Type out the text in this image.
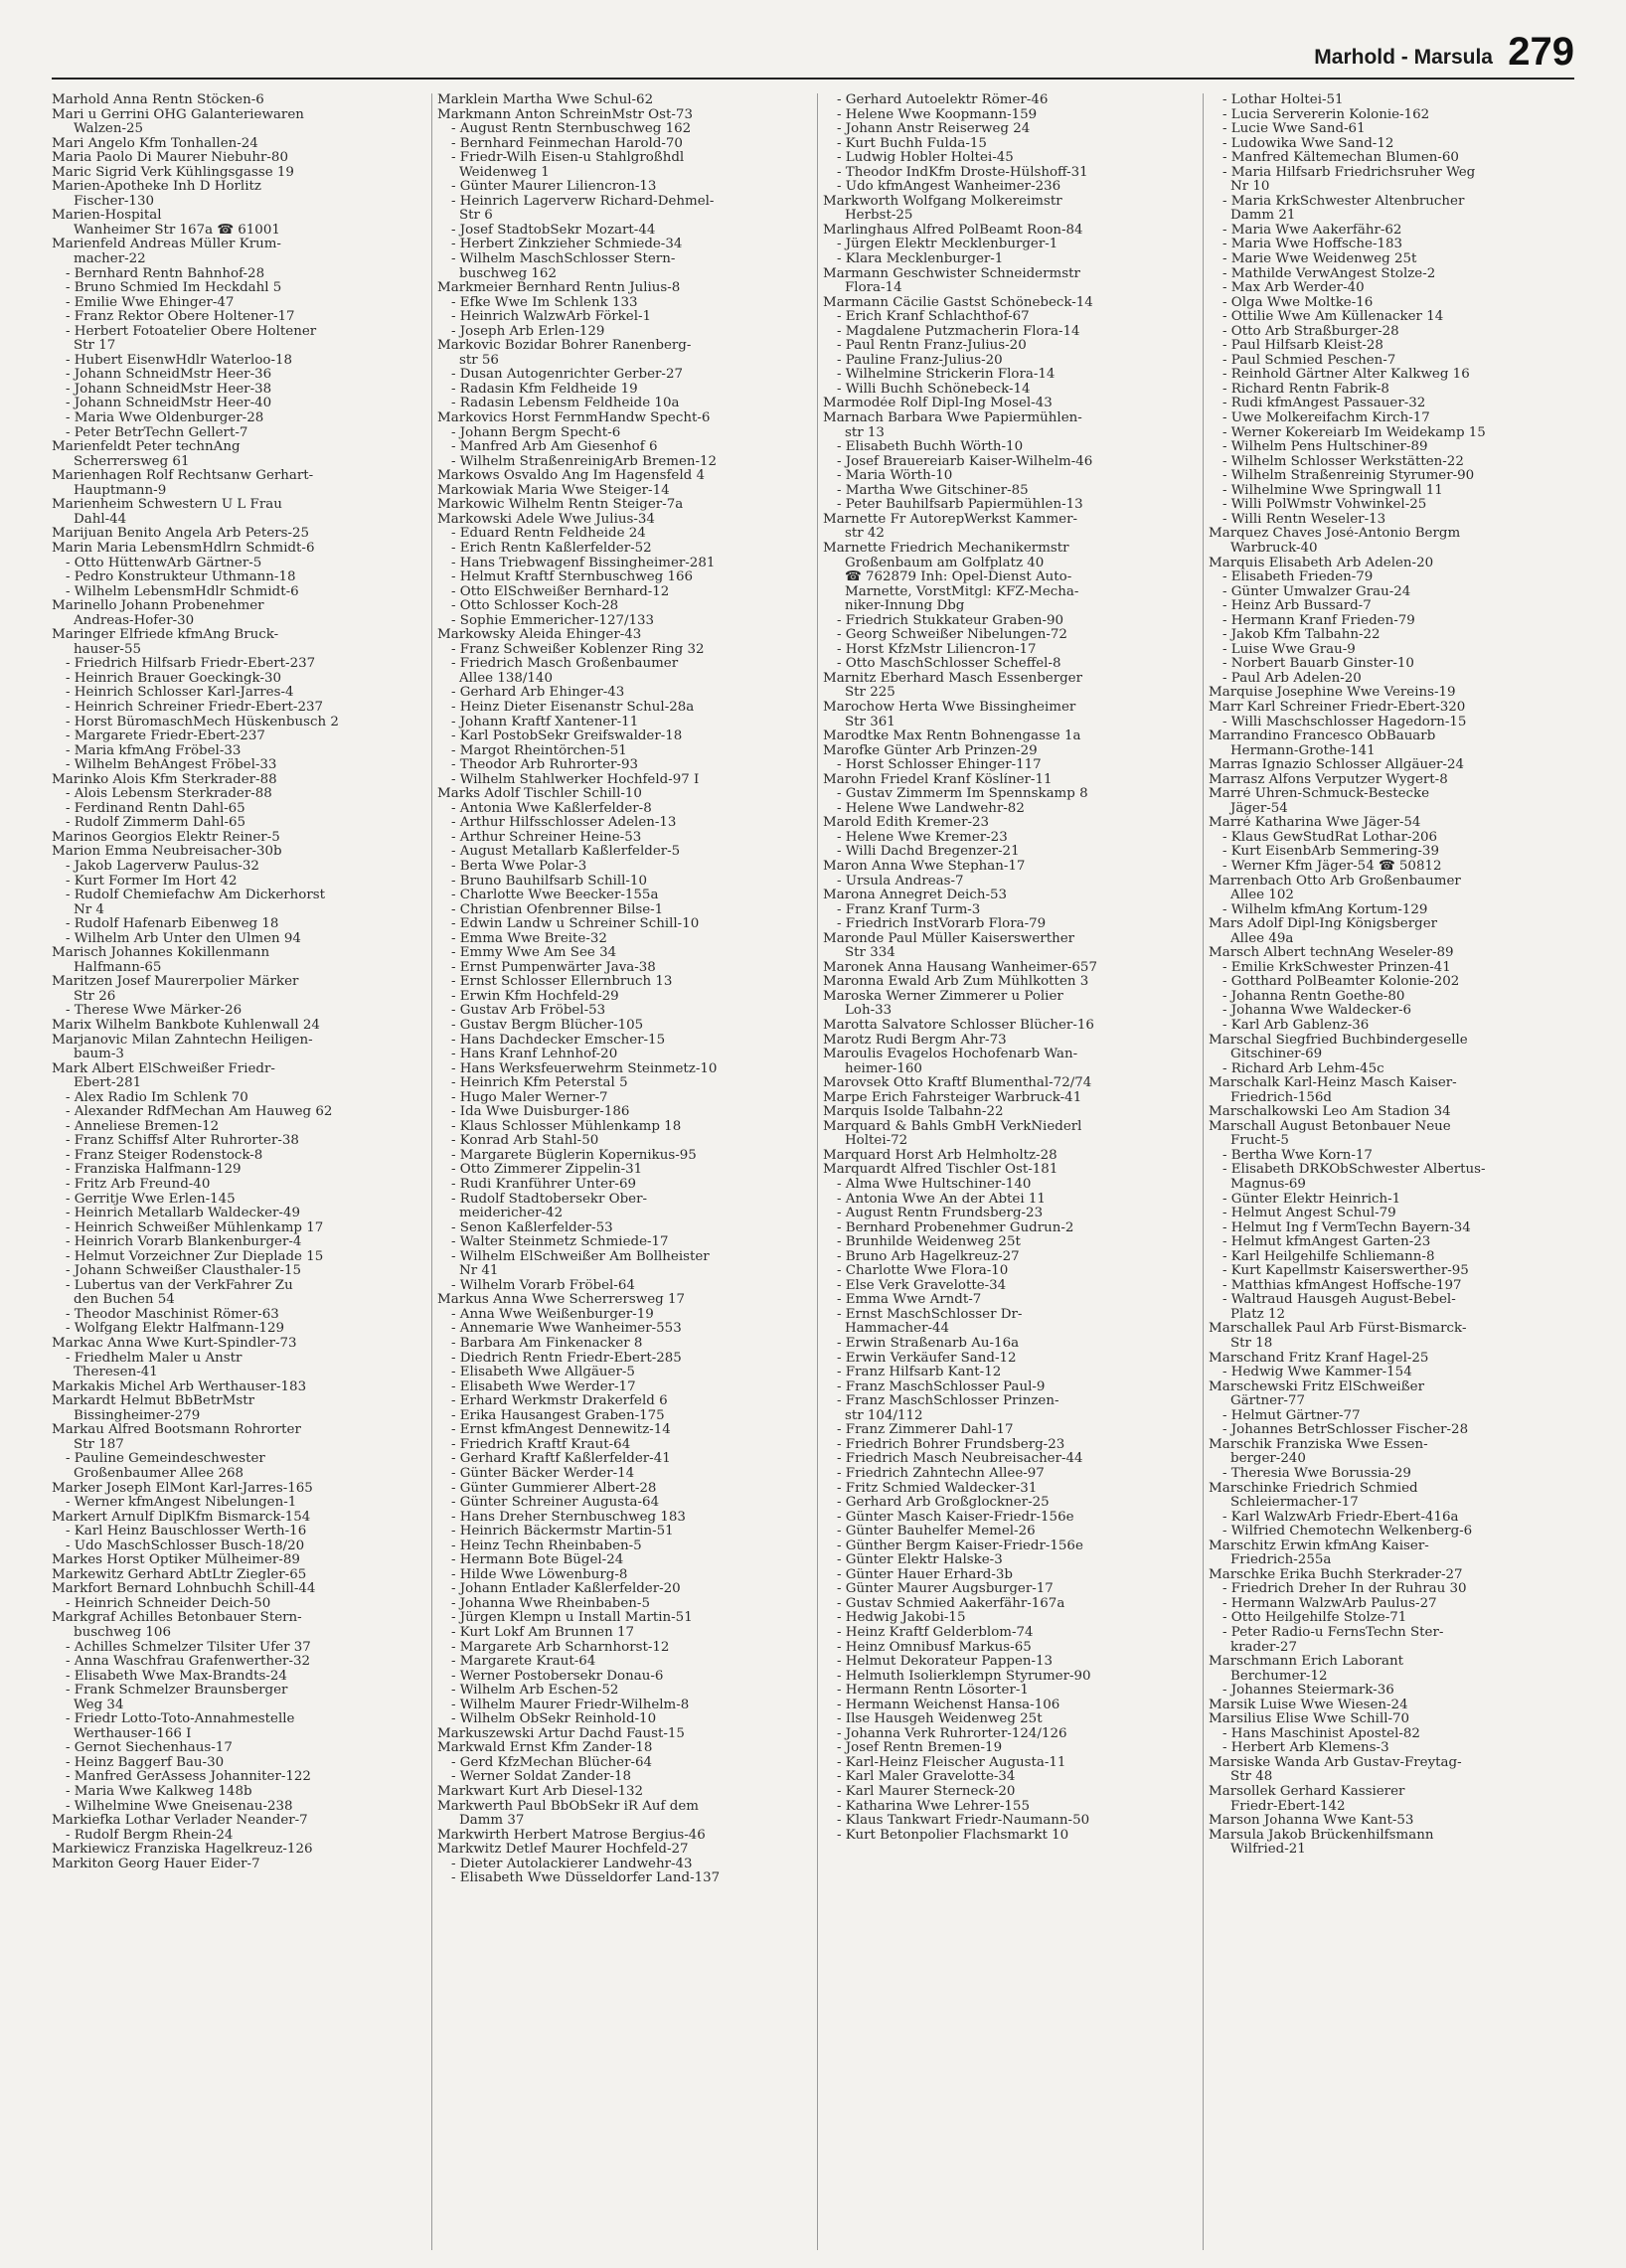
Marhold - Marsula 279
Marhold Anna Rentn Stöcken-6
Mari u Gerrini OHG Galanteriewaren
Walzen-25
Mari Angelo Kfm Tonhallen-24
Maria Paolo Di Maurer Niebuhr-80
Maric Sigrid Verk Kühlingsgasse 19
Marien-Apotheke Inh D Horlitz
Fischer-130
Marien-Hospital
Wanheimer Str 167a ☎ 61001
Marienfeld Andreas Müller Krum-
macher-22
- Bernhard Rentn Bahnhof-28
- Bruno Schmied Im Heckdahl 5
- Emilie Wwe Ehinger-47
- Franz Rektor Obere Holtener-17
- Herbert Fotoatelier Obere Holtener
Str 17
- Hubert EisenwHdlr Waterloo-18
- Johann SchneidMstr Heer-36
- Johann SchneidMstr Heer-38
- Johann SchneidMstr Heer-40
- Maria Wwe Oldenburger-28
- Peter BetrTechn Gellert-7
Marienfeldt Peter technAng
Scherrersweg 61
Marienhagen Rolf Rechtsanw Gerhart-
Hauptmann-9
Marienheim Schwestern U L Frau
Dahl-44
Marijuan Benito Angela Arb Peters-25
Marin Maria LebensmHdlrn Schmidt-6
- Otto HüttenwArb Gärtner-5
- Pedro Konstrukteur Uthmann-18
- Wilhelm LebensmHdlr Schmidt-6
Marinello Johann Probenehmer
Andreas-Hofer-30
Maringer Elfriede kfmAng Bruck-
hauser-55
- Friedrich Hilfsarb Friedr-Ebert-237
- Heinrich Brauer Goeckingk-30
- Heinrich Schlosser Karl-Jarres-4
- Heinrich Schreiner Friedr-Ebert-237
- Horst BüromaschMech Hüskenbusch 2
- Margarete Friedr-Ebert-237
- Maria kfmAng Fröbel-33
- Wilhelm BehAngest Fröbel-33
Marinko Alois Kfm Sterkrader-88
- Alois Lebensm Sterkrader-88
- Ferdinand Rentn Dahl-65
- Rudolf Zimmerm Dahl-65
Marinos Georgios Elektr Reiner-5
Marion Emma Neubreisacher-30b
- Jakob Lagerverw Paulus-32
- Kurt Former Im Hort 42
- Rudolf Chemiefachw Am Dickerhorst
Nr 4
- Rudolf Hafenarb Eibenweg 18
- Wilhelm Arb Unter den Ulmen 94
Marisch Johannes Kokillenmann
Halfmann-65
Maritzen Josef Maurerpolier Märker
Str 26
- Therese Wwe Märker-26
Marix Wilhelm Bankbote Kuhlenwall 24
Marjanovic Milan Zahntechn Heiligen-
baum-3
Mark Albert ElSchweißer Friedr-
Ebert-281
- Alex Radio Im Schlenk 70
- Alexander RdfMechan Am Hauweg 62
- Anneliese Bremen-12
- Franz Schiffsf Alter Ruhrorter-38
- Franz Steiger Rodenstock-8
- Franziska Halfmann-129
- Fritz Arb Freund-40
- Gerritje Wwe Erlen-145
- Heinrich Metallarb Waldecker-49
- Heinrich Schweißer Mühlenkamp 17
- Heinrich Vorarb Blankenburger-4
- Helmut Vorzeichner Zur Dieplade 15
- Johann Schweißer Clausthaler-15
- Lubertus van der VerkFahrer Zu
den Buchen 54
- Theodor Maschinist Römer-63
- Wolfgang Elektr Halfmann-129
Markac Anna Wwe Kurt-Spindler-73
- Friedhelm Maler u Anstr
Theresen-41
Markakis Michel Arb Werthauser-183
Markardt Helmut BbBetrMstr
Bissingheimer-279
Markau Alfred Bootsmann Rohrorter
Str 187
- Pauline Gemeindeschwester
Großenbaumer Allee 268
Marker Joseph ElMont Karl-Jarres-165
- Werner kfmAngest Nibelungen-1
Markert Arnulf DiplKfm Bismarck-154
- Karl Heinz Bauschlosser Werth-16
- Udo MaschSchlosser Busch-18/20
Markes Horst Optiker Mülheimer-89
Markewitz Gerhard AbtLtr Ziegler-65
Markfort Bernard Lohnbuchh Schill-44
- Heinrich Schneider Deich-50
Markgraf Achilles Betonbauer Stern-
buschweg 106
- Achilles Schmelzer Tilsiter Ufer 37
- Anna Waschfrau Grafenwerther-32
- Elisabeth Wwe Max-Brandts-24
- Frank Schmelzer Braunsberger
Weg 34
- Friedr Lotto-Toto-Annahmestelle
Werthauser-166 I
- Gernot Siechenhaus-17
- Heinz Baggerf Bau-30
- Manfred GerAssess Johanniter-122
- Maria Wwe Kalkweg 148b
- Wilhelmine Wwe Gneisenau-238
Markiefka Lothar Verlader Neander-7
- Rudolf Bergm Rhein-24
Markiewicz Franziska Hagelkreuz-126
Markiton Georg Hauer Eider-7
Marklein Martha Wwe Schul-62
Markmann Anton SchreinMstr Ost-73
- August Rentn Sternbuschweg 162
- Bernhard Feinmechan Harold-70
- Friedr-Wilh Eisen-u Stahlgroßhdl
Weidenweg 1
- Günter Maurer Liliencron-13
- Heinrich Lagerverw Richard-Dehmel-
Str 6
- Josef StadtobSekr Mozart-44
- Herbert Zinkzieher Schmiede-34
- Wilhelm MaschSchlosser Stern-
buschweg 162
Markmeier Bernhard Rentn Julius-8
- Efke Wwe Im Schlenk 133
- Heinrich WalzwArb Förkel-1
- Joseph Arb Erlen-129
Markovic Bozidar Bohrer Ranenberg-
str 56
- Dusan Autogenrichter Gerber-27
- Radasin Kfm Feldheide 19
- Radasin Lebensm Feldheide 10a
Markovics Horst FernmHandw Specht-6
- Johann Bergm Specht-6
- Manfred Arb Am Giesenhof 6
- Wilhelm StraßenreinigArb Bremen-12
Markows Osvaldo Ang Im Hagensfeld 4
Markowiak Maria Wwe Steiger-14
Markowic Wilhelm Rentn Steiger-7a
Markowski Adele Wwe Julius-34
- Eduard Rentn Feldheide 24
- Erich Rentn Kaßlerfelder-52
- Hans Triebwagenf Bissingheimer-281
- Helmut Kraftf Sternbuschweg 166
- Otto ElSchweißer Bernhard-12
- Otto Schlosser Koch-28
- Sophie Emmericher-127/133
Markowsky Aleida Ehinger-43
- Franz Schweißer Koblenzer Ring 32
- Friedrich Masch Großenbaumer
Allee 138/140
- Gerhard Arb Ehinger-43
- Heinz Dieter Eisenanstr Schul-28a
- Johann Kraftf Xantener-11
- Karl PostobSekr Greifswalder-18
- Margot Rheintörchen-51
- Theodor Arb Ruhrorter-93
- Wilhelm Stahlwerker Hochfeld-97 I
Marks Adolf Tischler Schill-10
- Antonia Wwe Kaßlerfelder-8
- Arthur Hilfsschlosser Adelen-13
- Arthur Schreiner Heine-53
- August Metallarb Kaßlerfelder-5
- Berta Wwe Polar-3
- Bruno Bauhilfsarb Schill-10
- Charlotte Wwe Beecker-155a
- Christian Ofenbrenner Bilse-1
- Edwin Landw u Schreiner Schill-10
- Emma Wwe Breite-32
- Emmy Wwe Am See 34
- Ernst Pumpenwärter Java-38
- Ernst Schlosser Ellernbruch 13
- Erwin Kfm Hochfeld-29
- Gustav Arb Fröbel-53
- Gustav Bergm Blücher-105
- Hans Dachdecker Emscher-15
- Hans Kranf Lehnhof-20
- Hans Werksfeuerwehrm Steinmetz-10
- Heinrich Kfm Peterstal 5
- Hugo Maler Werner-7
- Ida Wwe Duisburger-186
- Klaus Schlosser Mühlenkamp 18
- Konrad Arb Stahl-50
- Margarete Büglerin Kopernikus-95
- Otto Zimmerer Zippelin-31
- Rudi Kranführer Unter-69
- Rudolf Stadtobersekr Ober-
meidericher-42
- Senon Kaßlerfelder-53
- Walter Steinmetz Schmiede-17
- Wilhelm ElSchweißer Am Bollheister
Nr 41
- Wilhelm Vorarb Fröbel-64
Markus Anna Wwe Scherrersweg 17
- Anna Wwe Weißenburger-19
- Annemarie Wwe Wanheimer-553
- Barbara Am Finkenacker 8
- Diedrich Rentn Friedr-Ebert-285
- Elisabeth Wwe Allgäuer-5
- Elisabeth Wwe Werder-17
- Erhard Werkmstr Drakerfeld 6
- Erika Hausangest Graben-175
- Ernst kfmAngest Dennewitz-14
- Friedrich Kraftf Kraut-64
- Gerhard Kraftf Kaßlerfelder-41
- Günter Bäcker Werder-14
- Günter Gummierer Albert-28
- Günter Schreiner Augusta-64
- Hans Dreher Sternbuschweg 183
- Heinrich Bäckermstr Martin-51
- Heinz Techn Rheinbaben-5
- Hermann Bote Bügel-24
- Hilde Wwe Löwenburg-8
- Johann Entlader Kaßlerfelder-20
- Johanna Wwe Rheinbaben-5
- Jürgen Klempn u Install Martin-51
- Kurt Lokf Am Brunnen 17
- Margarete Arb Scharnhorst-12
- Margarete Kraut-64
- Werner Postobersekr Donau-6
- Wilhelm Arb Eschen-52
- Wilhelm Maurer Friedr-Wilhelm-8
- Wilhelm ObSekr Reinhold-10
Markuszewski Artur Dachd Faust-15
Markwald Ernst Kfm Zander-18
- Gerd KfzMechan Blücher-64
- Werner Soldat Zander-18
Markwart Kurt Arb Diesel-132
Markwerth Paul BbObSekr iR Auf dem
Damm 37
Markwirth Herbert Matrose Bergius-46
Markwitz Detlef Maurer Hochfeld-27
- Dieter Autolackierer Landwehr-43
- Elisabeth Wwe Düsseldorfer Land-137
- Gerhard Autoelektr Römer-46
- Helene Wwe Koopmann-159
- Johann Anstr Reiserweg 24
- Kurt Buchh Fulda-15
- Ludwig Hobler Holtei-45
- Theodor IndKfm Droste-Hülshoff-31
- Udo kfmAngest Wanheimer-236
Markworth Wolfgang Molkereimstr
Herbst-25
Marlinghaus Alfred PolBeamt Roon-84
- Jürgen Elektr Mecklenburger-1
- Klara Mecklenburger-1
Marmann Geschwister Schneidermstr
Flora-14
Marmann Cäcilie Gastst Schönebeck-14
- Erich Kranf Schlachthof-67
- Magdalene Putzmacherin Flora-14
- Paul Rentn Franz-Julius-20
- Pauline Franz-Julius-20
- Wilhelmine Strickerin Flora-14
- Willi Buchh Schönebeck-14
Marmodée Rolf Dipl-Ing Mosel-43
Marnach Barbara Wwe Papiermühlen-
str 13
- Elisabeth Buchh Wörth-10
- Josef Brauereiarb Kaiser-Wilhelm-46
- Maria Wörth-10
- Martha Wwe Gitschiner-85
- Peter Bauhilfsarb Papiermühlen-13
Marnette Fr AutorepWerkst Kammer-
str 42
Marnette Friedrich Mechanikermstr
Großenbaum am Golfplatz 40
☎ 762879 Inh: Opel-Dienst Auto-
Marnette, VorstMitgl: KFZ-Mecha-
niker-Innung Dbg
- Friedrich Stukkateur Graben-90
- Georg Schweißer Nibelungen-72
- Horst KfzMstr Liliencron-17
- Otto MaschSchlosser Scheffel-8
Marnitz Eberhard Masch Essenberger
Str 225
Marochow Herta Wwe Bissingheimer
Str 361
Marodtke Max Rentn Bohnengasse 1a
Marofke Günter Arb Prinzen-29
- Horst Schlosser Ehinger-117
Marohn Friedel Kranf Köslíner-11
- Gustav Zimmerm Im Spennskamp 8
- Helene Wwe Landwehr-82
Marold Edith Kremer-23
- Helene Wwe Kremer-23
- Willi Dachd Bregenzer-21
Maron Anna Wwe Stephan-17
- Ursula Andreas-7
Marona Annegret Deich-53
- Franz Kranf Turm-3
- Friedrich InstVorarb Flora-79
Maronde Paul Müller Kaiserswerther
Str 334
Maronek Anna Hausang Wanheimer-657
Maronna Ewald Arb Zum Mühlkotten 3
Maroska Werner Zimmerer u Polier
Loh-33
Marotta Salvatore Schlosser Blücher-16
Marotz Rudi Bergm Ahr-73
Maroulis Evagelos Hochofenarb Wan-
heimer-160
Marovsek Otto Kraftf Blumenthal-72/74
Marpe Erich Fahrsteiger Warbruck-41
Marquis Isolde Talbahn-22
Marquard & Bahls GmbH VerkNiederl
Holtei-72
Marquard Horst Arb Helmholtz-28
Marquardt Alfred Tischler Ost-181
- Alma Wwe Hultschiner-140
- Antonia Wwe An der Abtei 11
- August Rentn Frundsberg-23
- Bernhard Probenehmer Gudrun-2
- Brunhilde Weidenweg 25t
- Bruno Arb Hagelkreuz-27
- Charlotte Wwe Flora-10
- Else Verk Gravelotte-34
- Emma Wwe Arndt-7
- Ernst MaschSchlosser Dr-
Hammacher-44
- Erwin Straßenarb Au-16a
- Erwin Verkäufer Sand-12
- Franz Hilfsarb Kant-12
- Franz MaschSchlosser Paul-9
- Franz MaschSchlosser Prinzen-
str 104/112
- Franz Zimmerer Dahl-17
- Friedrich Bohrer Frundsberg-23
- Friedrich Masch Neubreisacher-44
- Friedrich Zahntechn Allee-97
- Fritz Schmied Waldecker-31
- Gerhard Arb Großglockner-25
- Günter Masch Kaiser-Friedr-156e
- Günter Bauhelfer Memel-26
- Günther Bergm Kaiser-Friedr-156e
- Günter Elektr Halske-3
- Günter Hauer Erhard-3b
- Günter Maurer Augsburger-17
- Gustav Schmied Aakerfähr-167a
- Hedwig Jakobi-15
- Heinz Kraftf Gelderblom-74
- Heinz Omnibusf Markus-65
- Helmut Dekorateur Pappen-13
- Helmuth Isolierklempn Styrumer-90
- Hermann Rentn Lösorter-1
- Hermann Weichenst Hansa-106
- Ilse Hausgeh Weidenweg 25t
- Johanna Verk Ruhrorter-124/126
- Josef Rentn Bremen-19
- Karl-Heinz Fleischer Augusta-11
- Karl Maler Gravelotte-34
- Karl Maurer Sterneck-20
- Katharina Wwe Lehrer-155
- Klaus Tankwart Friedr-Naumann-50
- Kurt Betonpolier Flachsmarkt 10
- Lothar Holtei-51
- Lucia Servererin Kolonie-162
- Lucie Wwe Sand-61
- Ludowika Wwe Sand-12
- Manfred Kältemechan Blumen-60
- Maria Hilfsarb Friedrichsruher Weg
Nr 10
- Maria KrkSchwester Altenbrucher
Damm 21
- Maria Wwe Aakerfähr-62
- Maria Wwe Hoffsche-183
- Marie Wwe Weidenweg 25t
- Mathilde VerwAngest Stolze-2
- Max Arb Werder-40
- Olga Wwe Moltke-16
- Ottilie Wwe Am Küllenacker 14
- Otto Arb Straßburger-28
- Paul Hilfsarb Kleist-28
- Paul Schmied Peschen-7
- Reinhold Gärtner Alter Kalkweg 16
- Richard Rentn Fabrik-8
- Rudi kfmAngest Passauer-32
- Uwe Molkereifachm Kirch-17
- Werner Kokereiarb Im Weidekamp 15
- Wilhelm Pens Hultschiner-89
- Wilhelm Schlosser Werkstätten-22
- Wilhelm Straßenreinig Styrumer-90
- Wilhelmine Wwe Springwall 11
- Willi PolWmstr Vohwinkel-25
- Willi Rentn Weseler-13
Marquez Chaves José-Antonio Bergm
Warbruck-40
Marquis Elisabeth Arb Adelen-20
- Elisabeth Frieden-79
- Günter Umwalzer Grau-24
- Heinz Arb Bussard-7
- Hermann Kranf Frieden-79
- Jakob Kfm Talbahn-22
- Luise Wwe Grau-9
- Norbert Bauarb Ginster-10
- Paul Arb Adelen-20
Marquise Josephine Wwe Vereins-19
Marr Karl Schreiner Friedr-Ebert-320
- Willi Maschschlosser Hagedorn-15
Marrandino Francesco ObBauarb
Hermann-Grothe-141
Marras Ignazio Schlosser Allgäuer-24
Marrasz Alfons Verputzer Wygert-8
Marré Uhren-Schmuck-Bestecke
Jäger-54
Marré Katharina Wwe Jäger-54
- Klaus GewStudRat Lothar-206
- Kurt EisenbArb Semmering-39
- Werner Kfm Jäger-54 ☎ 50812
Marrenbach Otto Arb Großenbaumer
Allee 102
- Wilhelm kfmAng Kortum-129
Mars Adolf Dipl-Ing Königsberger
Allee 49a
Marsch Albert technAng Weseler-89
- Emilie KrkSchwester Prinzen-41
- Gotthard PolBeamter Kolonie-202
- Johanna Rentn Goethe-80
- Johanna Wwe Waldecker-6
- Karl Arb Gablenz-36
Marschal Siegfried Buchbindergeselle
Gitschiner-69
- Richard Arb Lehm-45c
Marschalk Karl-Heinz Masch Kaiser-
Friedrich-156d
Marschalkowski Leo Am Stadion 34
Marschall August Betonbauer Neue
Frucht-5
- Bertha Wwe Korn-17
- Elisabeth DRKObSchwester Albertus-
Magnus-69
- Günter Elektr Heinrich-1
- Helmut Angest Schul-79
- Helmut Ing f VermTechn Bayern-34
- Helmut kfmAngest Garten-23
- Karl Heilgehilfe Schliemann-8
- Kurt Kapellmstr Kaiserswerther-95
- Matthias kfmAngest Hoffsche-197
- Waltraud Hausgeh August-Bebel-
Platz 12
Marschallek Paul Arb Fürst-Bismarck-
Str 18
Marschand Fritz Kranf Hagel-25
- Hedwig Wwe Kammer-154
Marschewski Fritz ElSchweißer
Gärtner-77
- Helmut Gärtner-77
- Johannes BetrSchlosser Fischer-28
Marschik Franziska Wwe Essen-
berger-240
- Theresia Wwe Borussia-29
Marschinke Friedrich Schmied
Schleiermacher-17
- Karl WalzwArb Friedr-Ebert-416a
- Wilfried Chemotechn Welkenberg-6
Marschitz Erwin kfmAng Kaiser-
Friedrich-255a
Marschke Erika Buchh Sterkrader-27
- Friedrich Dreher In der Ruhrau 30
- Hermann WalzwArb Paulus-27
- Otto Heilgehilfe Stolze-71
- Peter Radio-u FernsTechn Ster-
krader-27
Marschmann Erich Laborant
Berchumer-12
- Johannes Steiermark-36
Marsik Luise Wwe Wiesen-24
Marsilius Elise Wwe Schill-70
- Hans Maschinist Apostel-82
- Herbert Arb Klemens-3
Marsiske Wanda Arb Gustav-Freytag-
Str 48
Marsollek Gerhard Kassierer
Friedr-Ebert-142
Marson Johanna Wwe Kant-53
Marsula Jakob Brückenhilfsmann
Wilfried-21
